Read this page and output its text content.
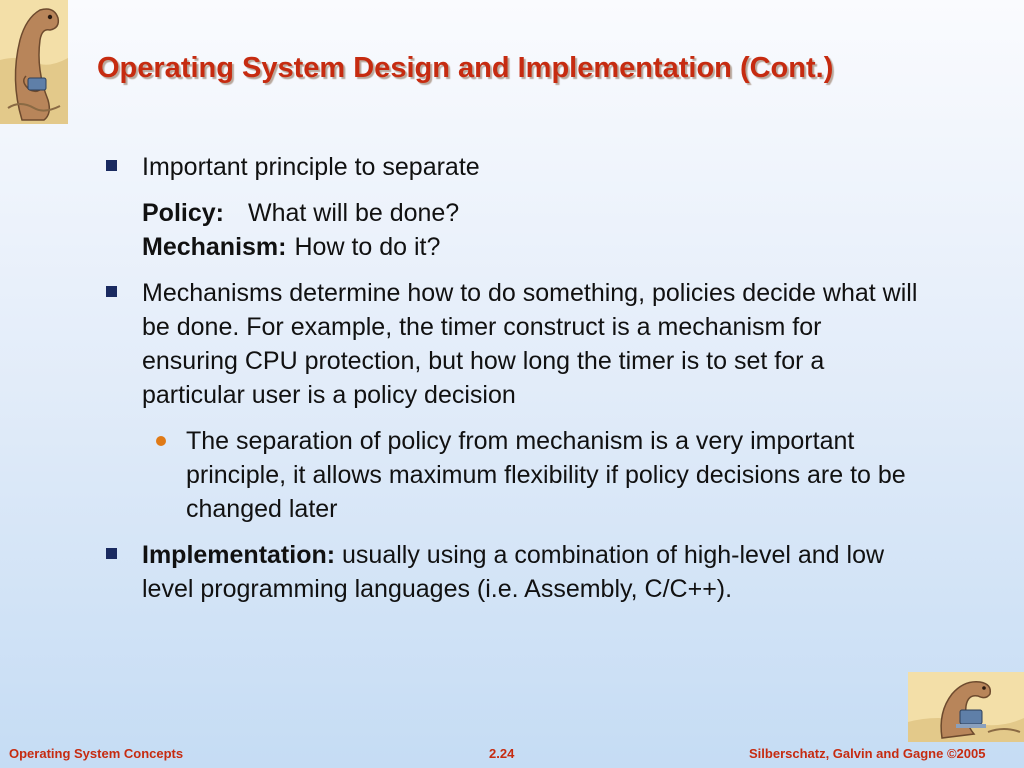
Operating System Design and Implementation (Cont.)
Important principle to separate
Policy: What will be done?
Mechanism: How to do it?
Mechanisms determine how to do something, policies decide what will be done. For example, the timer construct is a mechanism for ensuring CPU protection, but how long the timer is to set for a particular user is a policy decision
The separation of policy from mechanism is a very important principle, it allows maximum flexibility if policy decisions are to be changed later
Implementation: usually using a combination of high-level and low level programming languages (i.e. Assembly, C/C++).
Operating System Concepts	2.24	Silberschatz, Galvin and Gagne ©2005
